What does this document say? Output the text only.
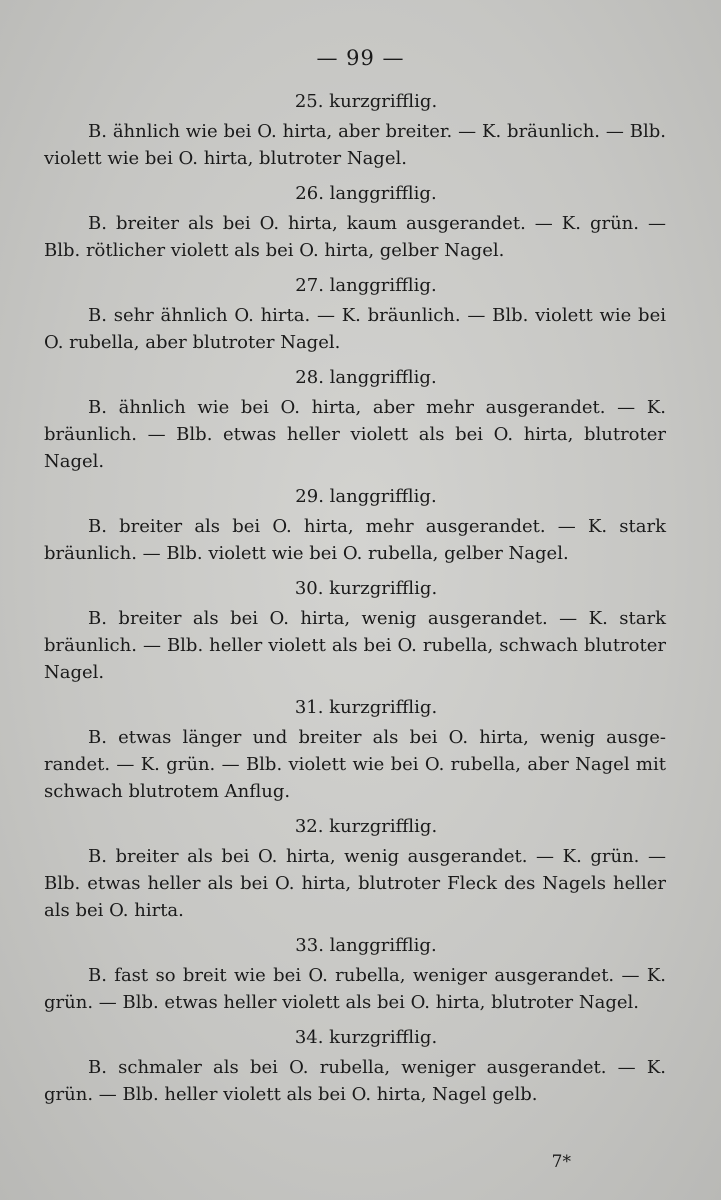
— 99 —

25. kurzgrifflig.

B. ähnlich wie bei O. hirta, aber breiter. — K. bräunlich. — Blb. violett wie bei O. hirta, blutroter Nagel.

26. langgrifflig.

B. breiter als bei O. hirta, kaum ausgerandet. — K. grün. — Blb. rötlicher violett als bei O. hirta, gelber Nagel.

27. langgrifflig.

B. sehr ähnlich O. hirta. — K. bräunlich. — Blb. violett wie bei O. rubella, aber blutroter Nagel.

28. langgrifflig.

B. ähnlich wie bei O. hirta, aber mehr ausgerandet. — K. bräunlich. — Blb. etwas heller violett als bei O. hirta, blutroter Nagel.

29. langgrifflig.

B. breiter als bei O. hirta, mehr ausgerandet. — K. stark bräunlich. — Blb. violett wie bei O. rubella, gelber Nagel.

30. kurzgrifflig.

B. breiter als bei O. hirta, wenig ausgerandet. — K. stark bräunlich. — Blb. heller violett als bei O. rubella, schwach blutroter Nagel.

31. kurzgrifflig.

B. etwas länger und breiter als bei O. hirta, wenig ausgerandet. — K. grün. — Blb. violett wie bei O. rubella, aber Nagel mit schwach blutrotem Anflug.

32. kurzgrifflig.

B. breiter als bei O. hirta, wenig ausgerandet. — K. grün. — Blb. etwas heller als bei O. hirta, blutroter Fleck des Nagels heller als bei O. hirta.

33. langgrifflig.

B. fast so breit wie bei O. rubella, weniger ausgerandet. — K. grün. — Blb. etwas heller violett als bei O. hirta, blutroter Nagel.

34. kurzgrifflig.

B. schmaler als bei O. rubella, weniger ausgerandet. — K. grün. — Blb. heller violett als bei O. hirta, Nagel gelb.

7*
